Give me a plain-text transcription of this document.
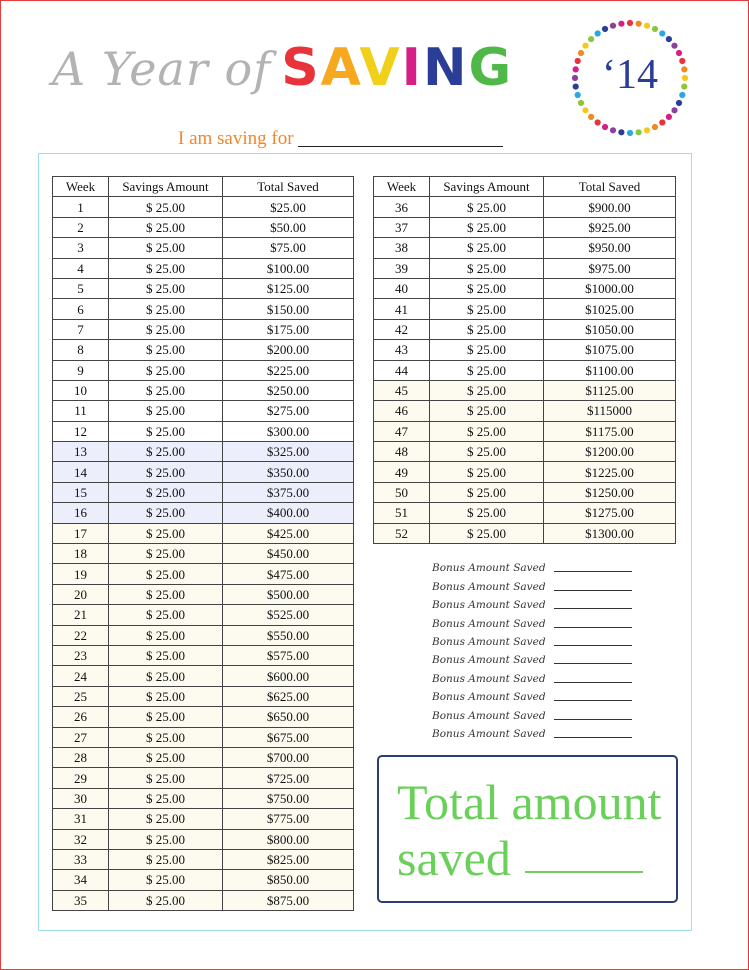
A Year of SAVING	‘14
I am saving for
Week	Savings Amount	Total Saved
1	$ 25.00	$25.00
2	$ 25.00	$50.00
3	$ 25.00	$75.00
4	$ 25.00	$100.00
5	$ 25.00	$125.00
6	$ 25.00	$150.00
7	$ 25.00	$175.00
8	$ 25.00	$200.00
9	$ 25.00	$225.00
10	$ 25.00	$250.00
11	$ 25.00	$275.00
12	$ 25.00	$300.00
13	$ 25.00	$325.00
14	$ 25.00	$350.00
15	$ 25.00	$375.00
16	$ 25.00	$400.00
17	$ 25.00	$425.00
18	$ 25.00	$450.00
19	$ 25.00	$475.00
20	$ 25.00	$500.00
21	$ 25.00	$525.00
22	$ 25.00	$550.00
23	$ 25.00	$575.00
24	$ 25.00	$600.00
25	$ 25.00	$625.00
26	$ 25.00	$650.00
27	$ 25.00	$675.00
28	$ 25.00	$700.00
29	$ 25.00	$725.00
30	$ 25.00	$750.00
31	$ 25.00	$775.00
32	$ 25.00	$800.00
33	$ 25.00	$825.00
34	$ 25.00	$850.00
35	$ 25.00	$875.00
Week	Savings Amount	Total Saved
36	$ 25.00	$900.00
37	$ 25.00	$925.00
38	$ 25.00	$950.00
39	$ 25.00	$975.00
40	$ 25.00	$1000.00
41	$ 25.00	$1025.00
42	$ 25.00	$1050.00
43	$ 25.00	$1075.00
44	$ 25.00	$1100.00
45	$ 25.00	$1125.00
46	$ 25.00	$115000
47	$ 25.00	$1175.00
48	$ 25.00	$1200.00
49	$ 25.00	$1225.00
50	$ 25.00	$1250.00
51	$ 25.00	$1275.00
52	$ 25.00	$1300.00
Bonus Amount Saved
Bonus Amount Saved
Bonus Amount Saved
Bonus Amount Saved
Bonus Amount Saved
Bonus Amount Saved
Bonus Amount Saved
Bonus Amount Saved
Bonus Amount Saved
Bonus Amount Saved
Total amount
saved
